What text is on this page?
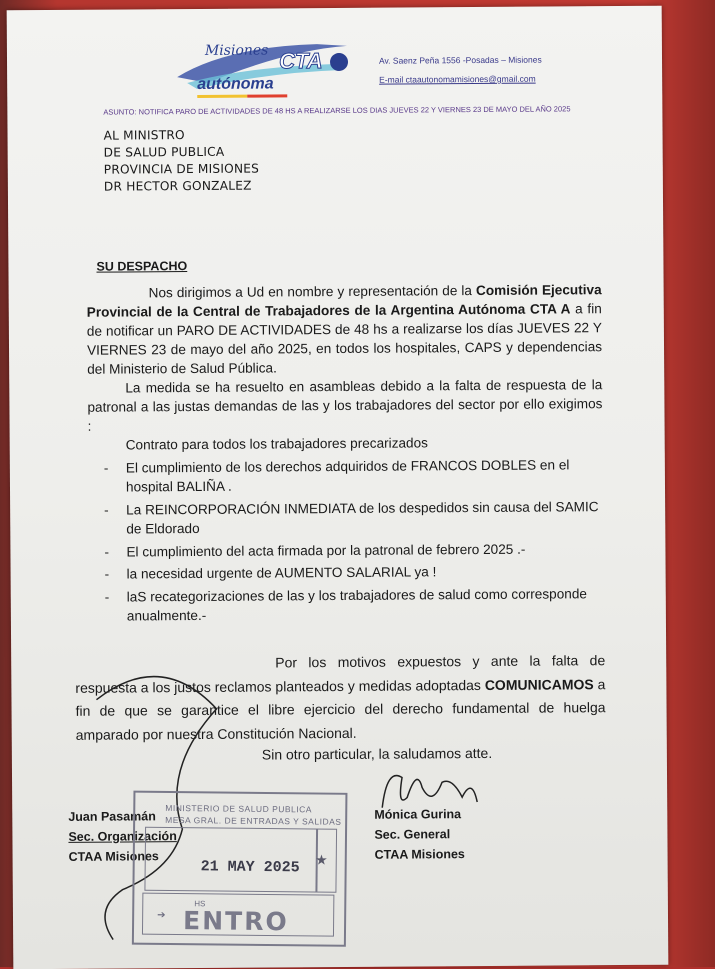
Misiones CTA
autónoma
Av. Saenz Peña 1556 -Posadas – Misiones
E-mail ctaautonomamisiones@gmail.com
ASUNTO: NOTIFICA PARO DE ACTIVIDADES DE 48 HS A REALIZARSE LOS DIAS JUEVES 22 Y VIERNES 23 DE MAYO DEL AÑO 2025
AL MINISTRO
DE SALUD PUBLICA
PROVINCIA DE MISIONES
DR HECTOR GONZALEZ
SU DESPACHO

Nos dirigimos a Ud en nombre y representación de la Comisión Ejecutiva Provincial de la Central de Trabajadores de la Argentina Autónoma CTA A a fin de notificar un PARO DE ACTIVIDADES de 48 hs a realizarse los días JUEVES 22 Y VIERNES 23 de mayo del año 2025, en todos los hospitales, CAPS y dependencias del Ministerio de Salud Pública.

La medida se ha resuelto en asambleas debido a la falta de respuesta de la patronal a las justas demandas de las y los trabajadores del sector por ello exigimos :

Contrato para todos los trabajadores precarizados
- El cumplimiento de los derechos adquiridos de FRANCOS DOBLES en el hospital BALIÑA .
- La REINCORPORACIÓN INMEDIATA de los despedidos sin causa del SAMIC de Eldorado
- El cumplimiento del acta firmada por la patronal de febrero 2025 .-
- la necesidad urgente de AUMENTO SALARIAL ya !
- laS recategorizaciones de las y los trabajadores de salud como corresponde anualmente.-

Por los motivos expuestos y ante la falta de respuesta a los justos reclamos planteados y medidas adoptadas COMUNICAMOS a fin de que se garantice el libre ejercicio del derecho fundamental de huelga amparado por nuestra Constitución Nacional.

Sin otro particular, la saludamos atte.
Juan Pasamán
Sec. Organización
CTAA Misiones
Mónica Gurina
Sec. General
CTAA Misiones
MINISTERIO DE SALUD PUBLICA
MESA GRAL. DE ENTRADAS Y SALIDAS
21 MAY 2025 ★
➔ ENTRO
HS
